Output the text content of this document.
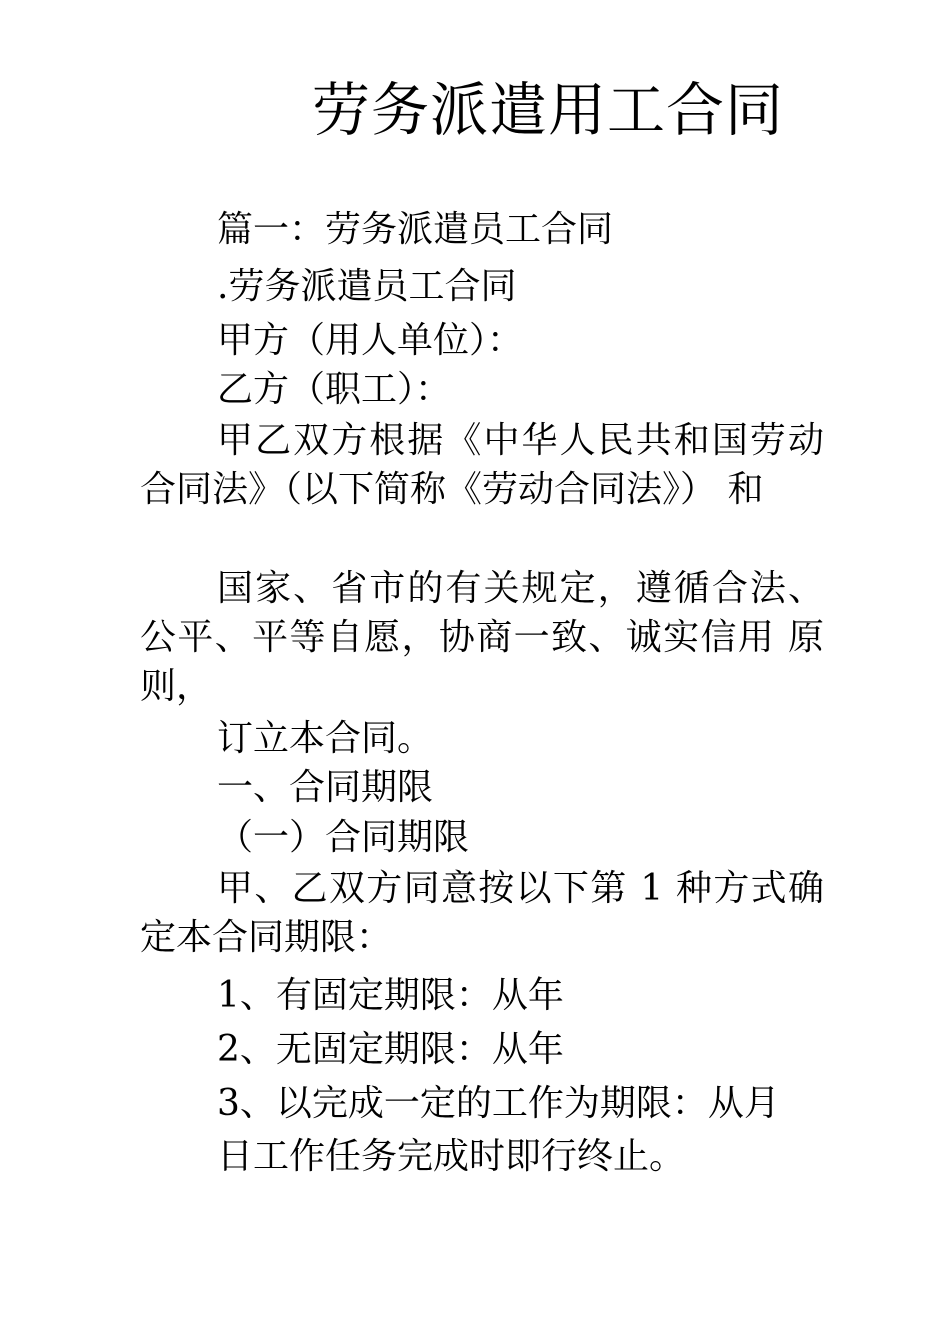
劳务派遣用工合同
篇一：劳务派遣员工合同
.劳务派遣员工合同
甲方（用人单位）：
乙方（职工）：
甲乙双方根据《中华人民共和国劳动合同法》（以下简称《劳动合同法》） 和
国家、省市的有关规定，遵循合法、 公平、平等自愿，协商一致、诚实信用 原则，
订立本合同。
一、合同期限
（一）合同期限
甲、乙双方同意按以下第 1 种方式确定本合同期限：
1、有固定期限：从年
2、无固定期限：从年
3、以完成一定的工作为期限：从月
日工作任务完成时即行终止。
